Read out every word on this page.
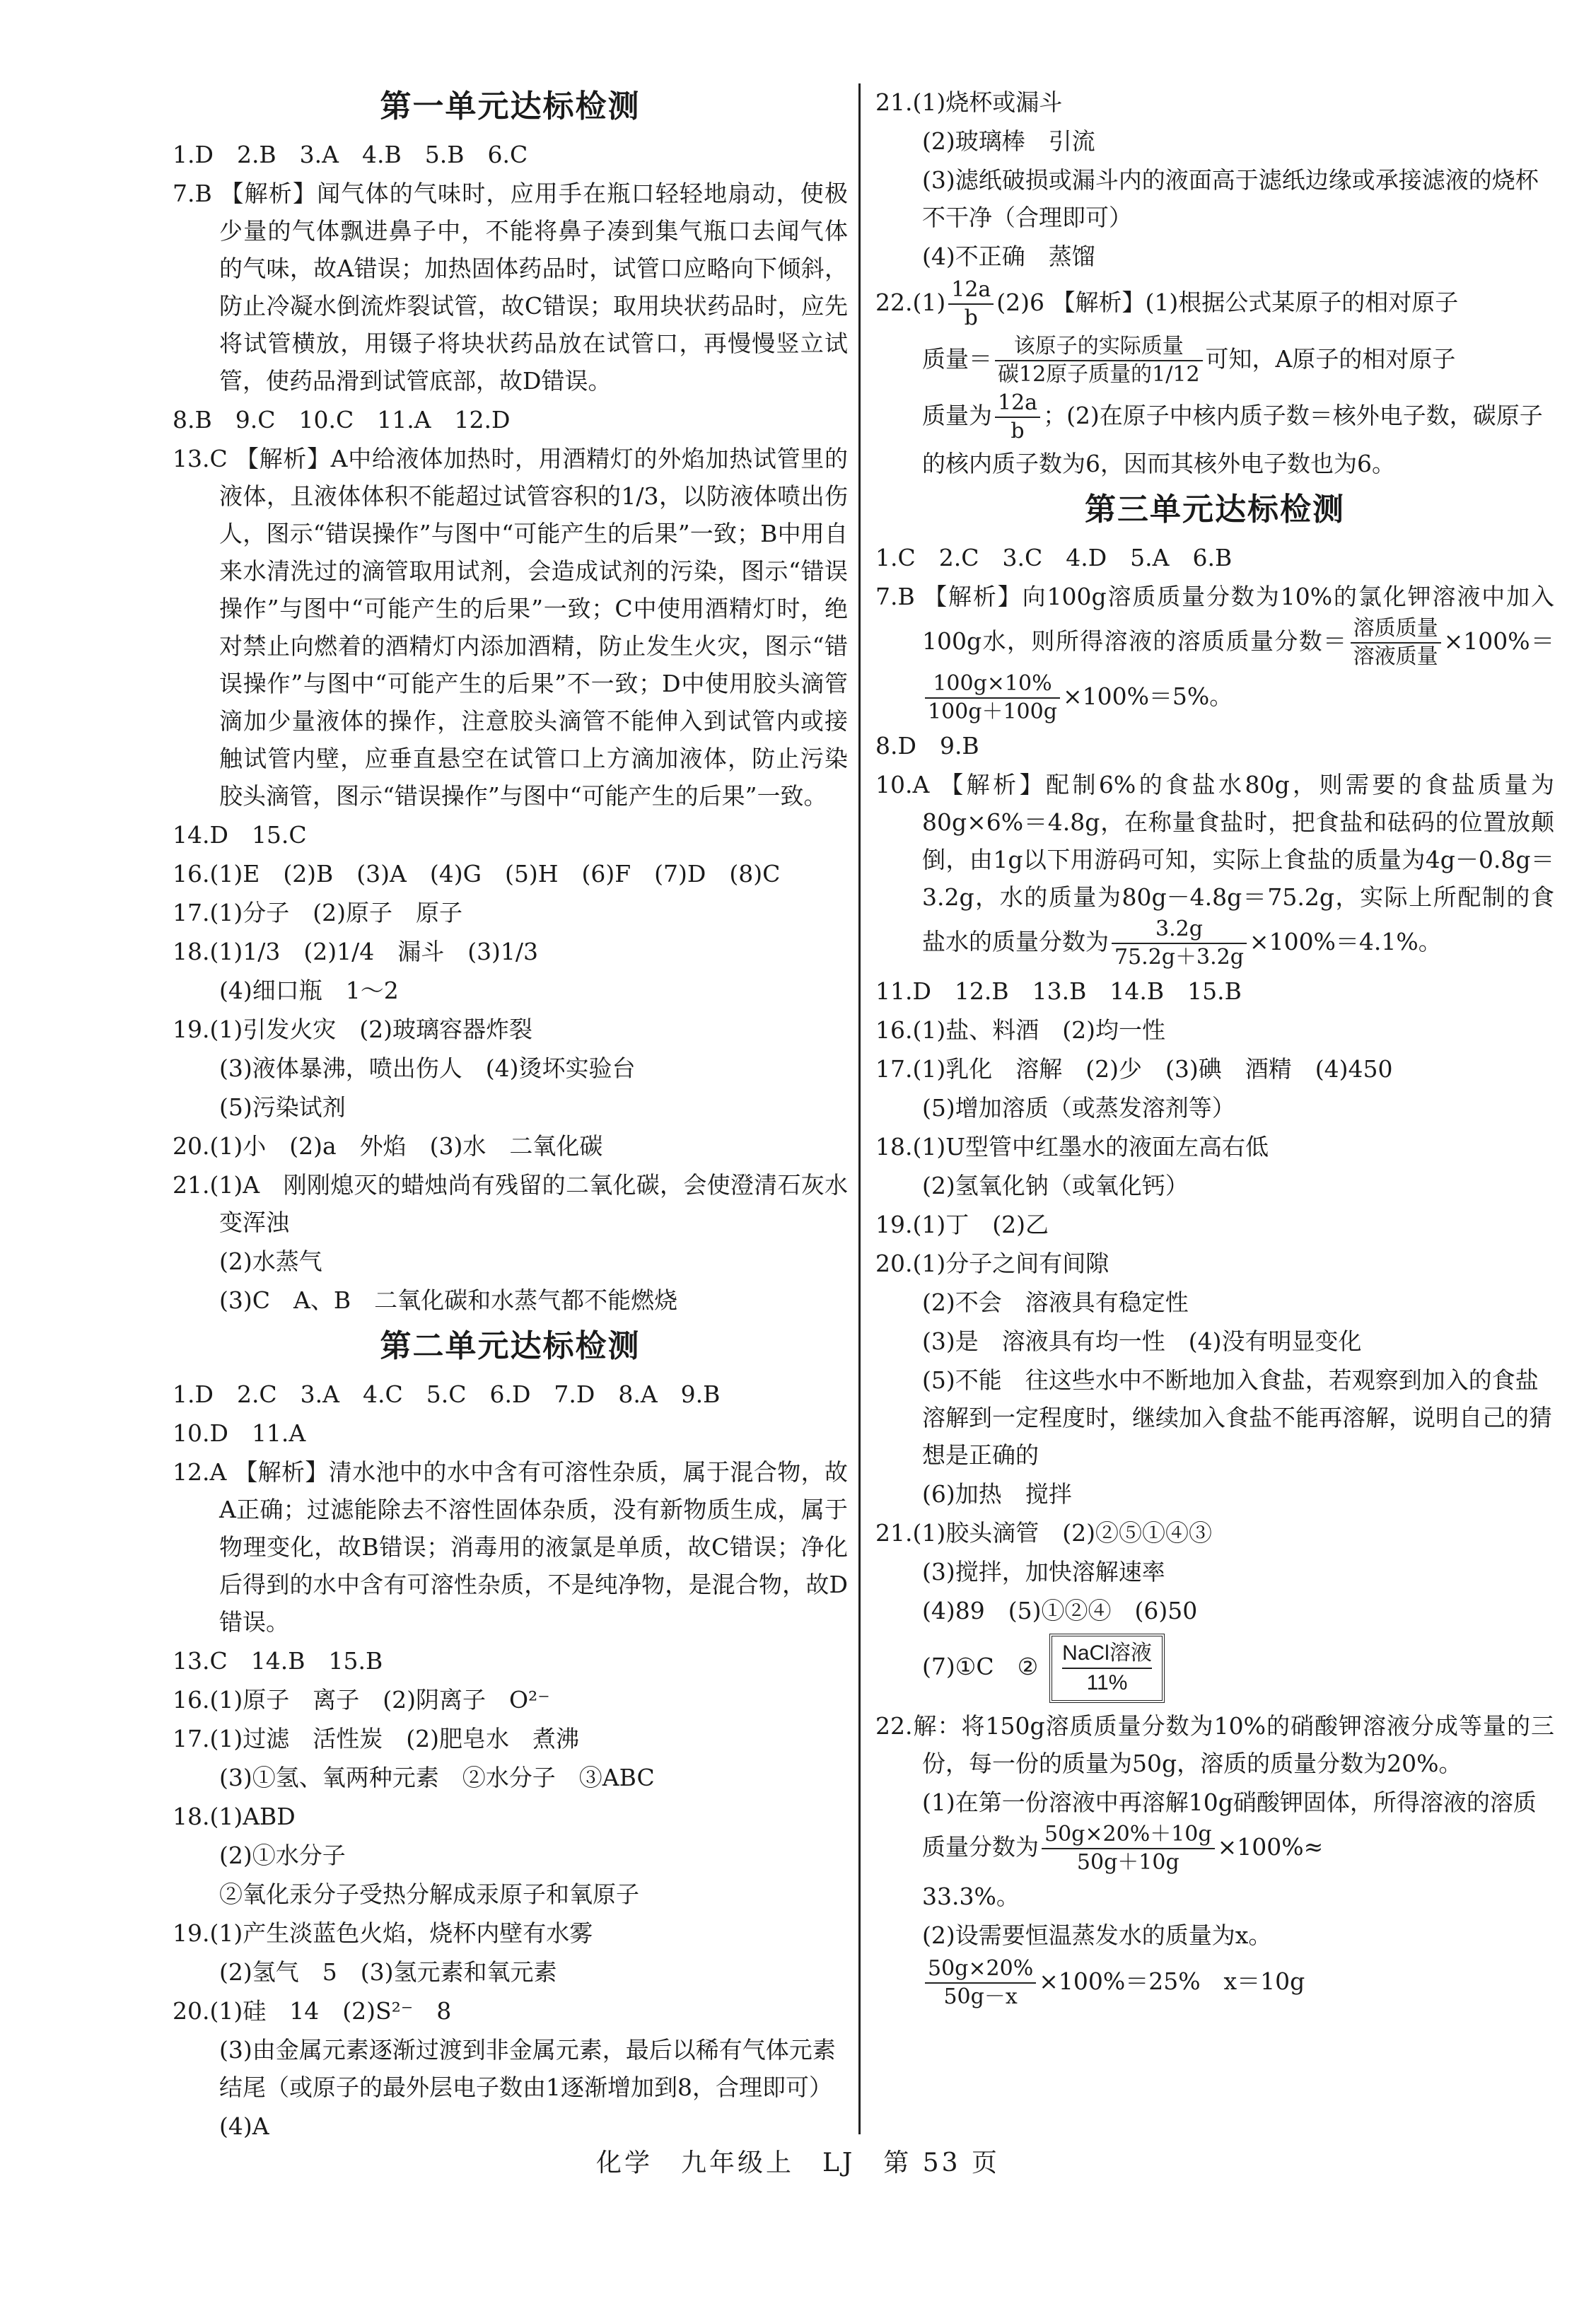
第一单元达标检测
1.D　2.B　3.A　4.B　5.B　6.C
7.B 【解析】闻气体的气味时，应用手在瓶口轻轻地扇动，使极少量的气体飘进鼻子中，不能将鼻子凑到集气瓶口去闻气体的气味，故A错误；加热固体药品时，试管口应略向下倾斜，防止冷凝水倒流炸裂试管，故C错误；取用块状药品时，应先将试管横放，用镊子将块状药品放在试管口，再慢慢竖立试管，使药品滑到试管底部，故D错误。
8.B　9.C　10.C　11.A　12.D
13.C 【解析】A中给液体加热时，用酒精灯的外焰加热试管里的液体，且液体体积不能超过试管容积的1/3，以防液体喷出伤人，图示“错误操作”与图中“可能产生的后果”一致；B中用自来水清洗过的滴管取用试剂，会造成试剂的污染，图示“错误操作”与图中“可能产生的后果”一致；C中使用酒精灯时，绝对禁止向燃着的酒精灯内添加酒精，防止发生火灾，图示“错误操作”与图中“可能产生的后果”不一致；D中使用胶头滴管滴加少量液体的操作，注意胶头滴管不能伸入到试管内或接触试管内壁，应垂直悬空在试管口上方滴加液体，防止污染胶头滴管，图示“错误操作”与图中“可能产生的后果”一致。
14.D　15.C
16.(1)E　(2)B　(3)A　(4)G　(5)H　(6)F　(7)D　(8)C
17.(1)分子　(2)原子　原子
18.(1)1/3　(2)1/4　漏斗　(3)1/3
(4)细口瓶　1～2
19.(1)引发火灾　(2)玻璃容器炸裂
(3)液体暴沸，喷出伤人　(4)烫坏实验台
(5)污染试剂
20.(1)小　(2)a　外焰　(3)水　二氧化碳
21.(1)A　刚刚熄灭的蜡烛尚有残留的二氧化碳，会使澄清石灰水变浑浊
(2)水蒸气
(3)C　A、B　二氧化碳和水蒸气都不能燃烧
第二单元达标检测
1.D　2.C　3.A　4.C　5.C　6.D　7.D　8.A　9.B
10.D　11.A
12.A 【解析】清水池中的水中含有可溶性杂质，属于混合物，故A正确；过滤能除去不溶性固体杂质，没有新物质生成，属于物理变化，故B错误；消毒用的液氯是单质，故C错误；净化后得到的水中含有可溶性杂质，不是纯净物，是混合物，故D错误。
13.C　14.B　15.B
16.(1)原子　离子　(2)阴离子　O²⁻
17.(1)过滤　活性炭　(2)肥皂水　煮沸
(3)①氢、氧两种元素　②水分子　③ABC
18.(1)ABD
(2)①水分子
②氧化汞分子受热分解成汞原子和氧原子
19.(1)产生淡蓝色火焰，烧杯内壁有水雾
(2)氢气　5　(3)氢元素和氧元素
20.(1)硅　14　(2)S²⁻　8
(3)由金属元素逐渐过渡到非金属元素，最后以稀有气体元素结尾（或原子的最外层电子数由1逐渐增加到8，合理即可）
(4)A
21.(1)烧杯或漏斗
(2)玻璃棒　引流
(3)滤纸破损或漏斗内的液面高于滤纸边缘或承接滤液的烧杯不干净（合理即可）
(4)不正确　蒸馏
$22.(1) \frac{12a}{b} (2)6$ 【解析】(1)根据公式某原子的相对原子
质量＝	该原子的实际质量
碳12原子质量的1/12
可知，A原子的相对原子
质量为 $\frac{12a}{b}$ ；(2)在原子中核内质子数＝核外电子数，碳原子的核内质子数为6，因而其核外电子数也为6。
第三单元达标检测
1.C　2.C　3.C　4.D　5.A　6.B
7.B 【解析】向100g溶质质量分数为10%的氯化钾溶液中加入100g水，则所得溶液的溶质质量分数＝ 溶质质量
溶液质量
×100%＝
$\frac{100g\times 10\%}{100g+100g} \times 100\%=5\%$。
8.D　9.B
10.A 【解析】配制6%的食盐水80g，则需要的食盐质量为80g×6%＝4.8g，在称量食盐时，把食盐和砝码的位置放颠倒，由1g以下用游码可知，实际上食盐的质量为4g－0.8g＝3.2g，水的质量为80g－4.8g＝75.2g，实际上所配制的食盐水的质量分数为 $\frac{3.2g}{75.2g+3.2g} \times 100\%=4.1\%$。
11.D　12.B　13.B　14.B　15.B
16.(1)盐、料酒　(2)均一性
17.(1)乳化　溶解　(2)少　(3)碘　酒精　(4)450
(5)增加溶质（或蒸发溶剂等）
18.(1)U型管中红墨水的液面左高右低
(2)氢氧化钠（或氧化钙）
19.(1)丁　(2)乙
20.(1)分子之间有间隙
(2)不会　溶液具有稳定性
(3)是　溶液具有均一性　(4)没有明显变化
(5)不能　往这些水中不断地加入食盐，若观察到加入的食盐溶解到一定程度时，继续加入食盐不能再溶解，说明自己的猜想是正确的
(6)加热　搅拌
21.(1)胶头滴管　(2)②⑤①④③
(3)搅拌，加快溶解速率
(4)89　(5)①②④　(6)50
(7)①C　② NaCl溶液
11%
22.解：将150g溶质质量分数为10%的硝酸钾溶液分成等量的三份，每一份的质量为50g，溶质的质量分数为20%。
(1)在第一份溶液中再溶解10g硝酸钾固体，所得溶液的溶质质量分数为 $\frac{50g\times 20\%+10g}{50g+10g} \times 100\%\approx$
33.3%。
(2)设需要恒温蒸发水的质量为x。
$\frac{50g\times 20\%}{50g-x} \times 100\%=25\%$　x＝10g
化学　九年级上　LJ　第 53 页
